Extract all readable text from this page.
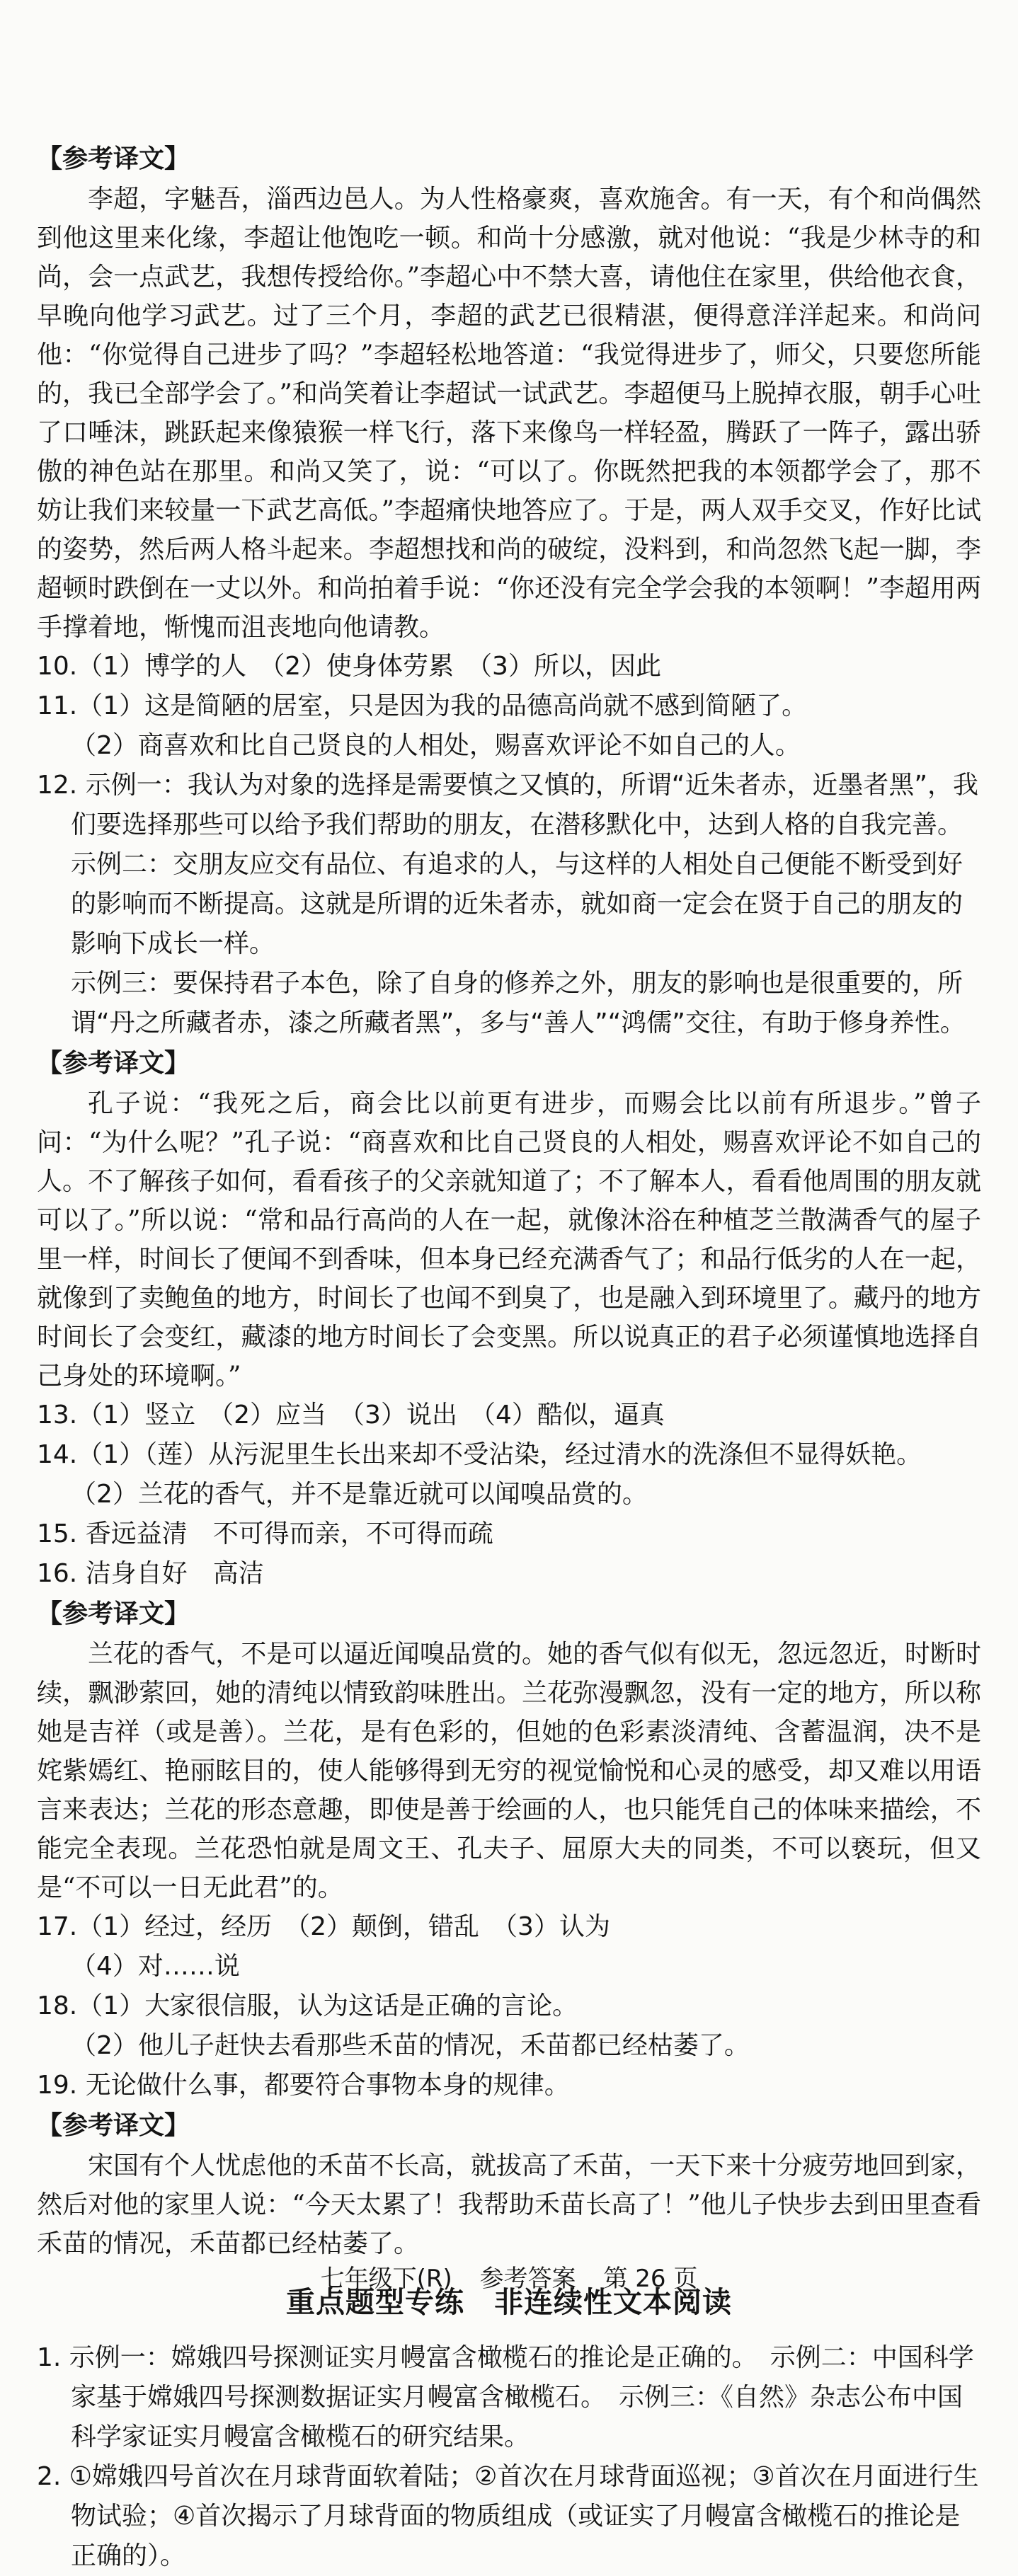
【参考译文】

李超，字魅吾，淄西边邑人。为人性格豪爽，喜欢施舍。有一天，有个和尚偶然到他这里来化缘，李超让他饱吃一顿。和尚十分感激，就对他说：“我是少林寺的和尚，会一点武艺，我想传授给你。”李超心中不禁大喜，请他住在家里，供给他衣食，早晚向他学习武艺。过了三个月，李超的武艺已很精湛，便得意洋洋起来。和尚问他：“你觉得自己进步了吗？”李超轻松地答道：“我觉得进步了，师父，只要您所能的，我已全部学会了。”和尚笑着让李超试一试武艺。李超便马上脱掉衣服，朝手心吐了口唾沫，跳跃起来像猿猴一样飞行，落下来像鸟一样轻盈，腾跃了一阵子，露出骄傲的神色站在那里。和尚又笑了，说：“可以了。你既然把我的本领都学会了，那不妨让我们来较量一下武艺高低。”李超痛快地答应了。于是，两人双手交叉，作好比试的姿势，然后两人格斗起来。李超想找和尚的破绽，没料到，和尚忽然飞起一脚，李超顿时跌倒在一丈以外。和尚拍着手说：“你还没有完全学会我的本领啊！”李超用两手撑着地，惭愧而沮丧地向他请教。

10.（1）博学的人　（2）使身体劳累　（3）所以，因此

11.（1）这是简陋的居室，只是因为我的品德高尚就不感到简陋了。

（2）商喜欢和比自己贤良的人相处，赐喜欢评论不如自己的人。

12. 示例一：我认为对象的选择是需要慎之又慎的，所谓“近朱者赤，近墨者黑”，我们要选择那些可以给予我们帮助的朋友，在潜移默化中，达到人格的自我完善。

示例二：交朋友应交有品位、有追求的人，与这样的人相处自己便能不断受到好的影响而不断提高。这就是所谓的近朱者赤，就如商一定会在贤于自己的朋友的影响下成长一样。

示例三：要保持君子本色，除了自身的修养之外，朋友的影响也是很重要的，所谓“丹之所藏者赤，漆之所藏者黑”，多与“善人”“鸿儒”交往，有助于修身养性。

【参考译文】

孔子说：“我死之后，商会比以前更有进步，而赐会比以前有所退步。”曾子问：“为什么呢？”孔子说：“商喜欢和比自己贤良的人相处，赐喜欢评论不如自己的人。不了解孩子如何，看看孩子的父亲就知道了；不了解本人，看看他周围的朋友就可以了。”所以说：“常和品行高尚的人在一起，就像沐浴在种植芝兰散满香气的屋子里一样，时间长了便闻不到香味，但本身已经充满香气了；和品行低劣的人在一起，就像到了卖鲍鱼的地方，时间长了也闻不到臭了，也是融入到环境里了。藏丹的地方时间长了会变红，藏漆的地方时间长了会变黑。所以说真正的君子必须谨慎地选择自己身处的环境啊。”

13.（1）竖立　（2）应当　（3）说出　（4）酷似，逼真

14.（1）（莲）从污泥里生长出来却不受沾染，经过清水的洗涤但不显得妖艳。

（2）兰花的香气，并不是靠近就可以闻嗅品赏的。

15. 香远益清　不可得而亲，不可得而疏

16. 洁身自好　高洁

【参考译文】

兰花的香气，不是可以逼近闻嗅品赏的。她的香气似有似无，忽远忽近，时断时续，飘渺萦回，她的清纯以情致韵味胜出。兰花弥漫飘忽，没有一定的地方，所以称她是吉祥（或是善）。兰花，是有色彩的，但她的色彩素淡清纯、含蓄温润，决不是姹紫嫣红、艳丽眩目的，使人能够得到无穷的视觉愉悦和心灵的感受，却又难以用语言来表达；兰花的形态意趣，即使是善于绘画的人，也只能凭自己的体味来描绘，不能完全表现。兰花恐怕就是周文王、孔夫子、屈原大夫的同类，不可以亵玩，但又是“不可以一日无此君”的。

17.（1）经过，经历　（2）颠倒，错乱　（3）认为

（4）对……说

18.（1）大家很信服，认为这话是正确的言论。

（2）他儿子赶快去看那些禾苗的情况，禾苗都已经枯萎了。

19. 无论做什么事，都要符合事物本身的规律。

【参考译文】

宋国有个人忧虑他的禾苗不长高，就拔高了禾苗，一天下来十分疲劳地回到家，然后对他的家里人说：“今天太累了！我帮助禾苗长高了！”他儿子快步去到田里查看禾苗的情况，禾苗都已经枯萎了。

重点题型专练　非连续性文本阅读

1. 示例一：嫦娥四号探测证实月幔富含橄榄石的推论是正确的。　示例二：中国科学家基于嫦娥四号探测数据证实月幔富含橄榄石。　示例三：《自然》杂志公布中国科学家证实月幔富含橄榄石的研究结果。

2. ①嫦娥四号首次在月球背面软着陆；②首次在月球背面巡视；③首次在月面进行生物试验；④首次揭示了月球背面的物质组成（或证实了月幔富含橄榄石的推论是正确的）。

七年级下(R) 参考答案 第 26 页
